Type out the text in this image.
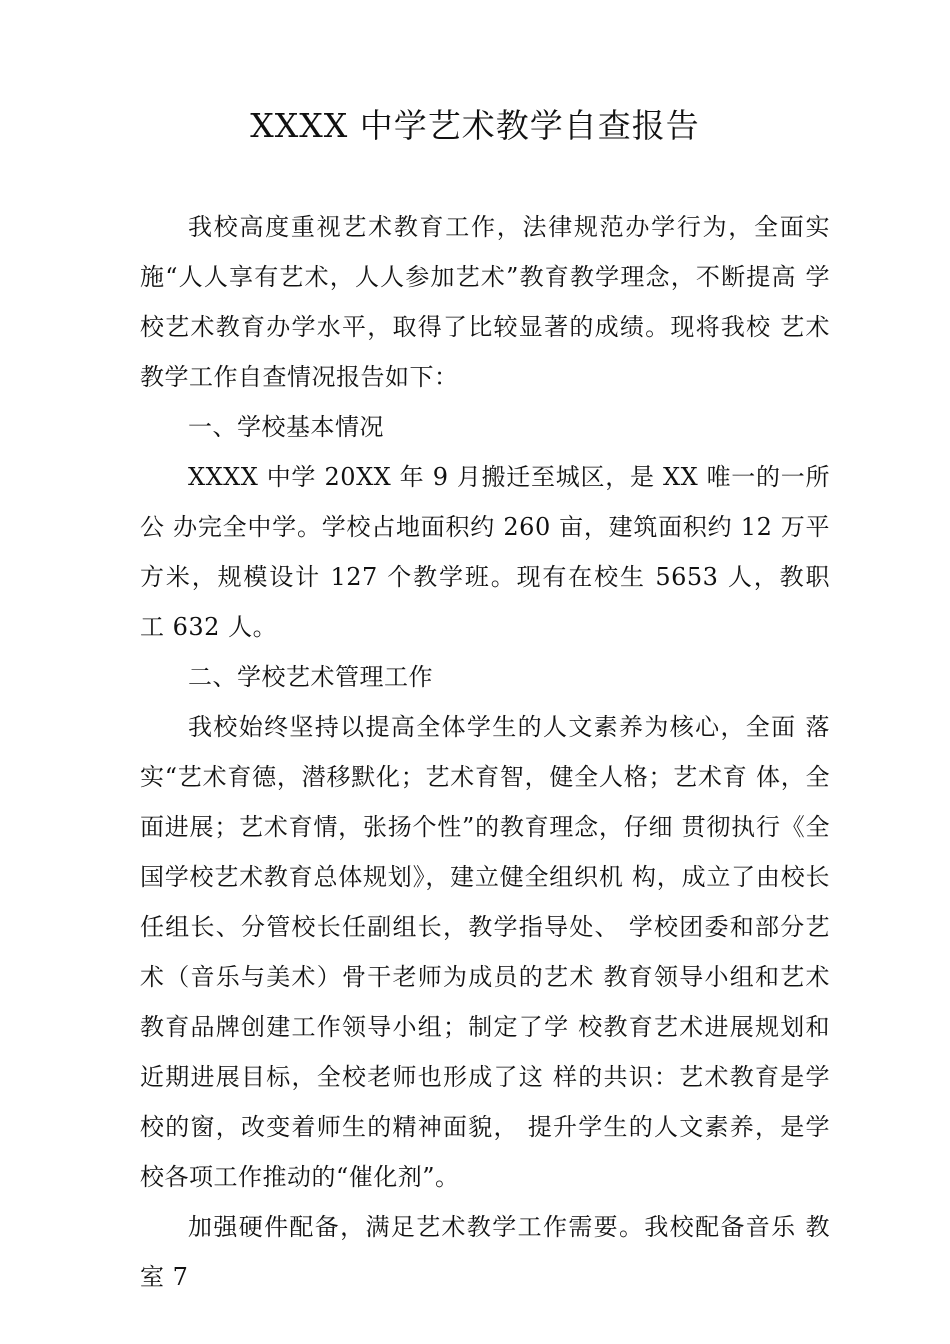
XXXX 中学艺术教学自查报告

我校高度重视艺术教育工作，法律规范办学行为，全面实施“人人享有艺术，人人参加艺术”教育教学理念，不断提高 学校艺术教育办学水平，取得了比较显著的成绩。现将我校 艺术教学工作自查情况报告如下：

一、学校基本情况

XXXX 中学 20XX 年 9 月搬迁至城区，是 XX 唯一的一所公 办完全中学。学校占地面积约 260 亩，建筑面积约 12 万平 方米，规模设计 127 个教学班。现有在校生 5653 人，教职 工 632 人。

二、学校艺术管理工作

我校始终坚持以提高全体学生的人文素养为核心，全面 落实“艺术育德，潜移默化；艺术育智，健全人格；艺术育 体，全面进展；艺术育情，张扬个性”的教育理念，仔细 贯彻执行《全国学校艺术教育总体规划》，建立健全组织机 构，成立了由校长任组长、分管校长任副组长，教学指导处、 学校团委和部分艺术（音乐与美术）骨干老师为成员的艺术 教育领导小组和艺术教育品牌创建工作领导小组；制定了学 校教育艺术进展规划和近期进展目标，全校老师也形成了这 样的共识：艺术教育是学校的窗，改变着师生的精神面貌， 提升学生的人文素养，是学校各项工作推动的“催化剂”。

加强硬件配备，满足艺术教学工作需要。我校配备音乐 教室 7
